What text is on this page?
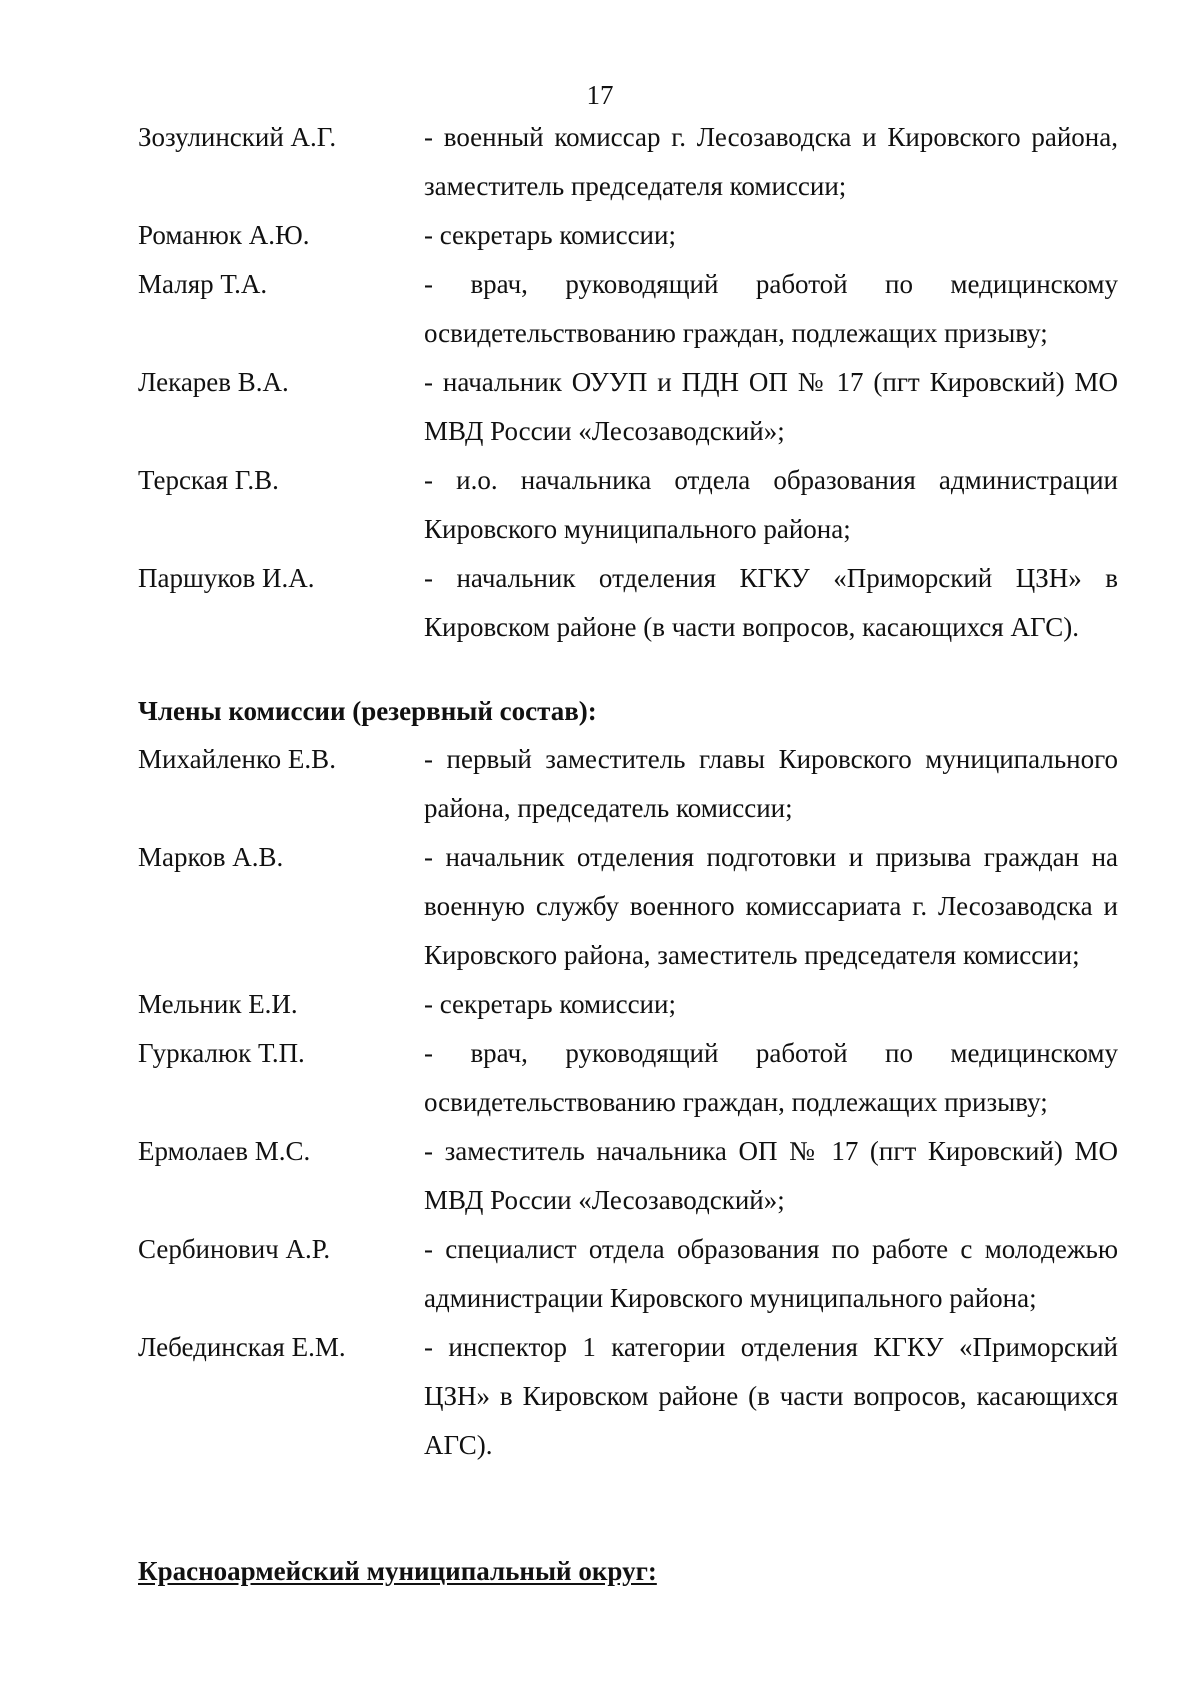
17
Зозулинский А.Г.	- военный комиссар г. Лесозаводска и Кировского района, заместитель председателя комиссии;
Романюк А.Ю.	- секретарь комиссии;
Маляр Т.А.	- врач, руководящий работой по медицинскому освидетельствованию граждан, подлежащих призыву;
Лекарев В.А.	- начальник ОУУП и ПДН ОП № 17 (пгт Кировский) МО МВД России «Лесозаводский»;
Терская Г.В.	- и.о. начальника отдела образования администрации Кировского муниципального района;
Паршуков И.А.	- начальник отделения КГКУ «Приморский ЦЗН» в Кировском районе (в части вопросов, касающихся АГС).
Члены комиссии (резервный состав):
Михайленко Е.В.	- первый заместитель главы Кировского муниципального района, председатель комиссии;
Марков А.В.	- начальник отделения подготовки и призыва граждан на военную службу военного комиссариата г. Лесозаводска и Кировского района, заместитель председателя комиссии;
Мельник Е.И.	- секретарь комиссии;
Гуркалюк Т.П.	- врач, руководящий работой по медицинскому освидетельствованию граждан, подлежащих призыву;
Ермолаев М.С.	- заместитель начальника ОП № 17 (пгт Кировский) МО МВД России «Лесозаводский»;
Сербинович А.Р.	- специалист отдела образования по работе с молодежью администрации Кировского муниципального района;
Лебединская Е.М.	- инспектор 1 категории отделения КГКУ «Приморский ЦЗН» в Кировском районе (в части вопросов, касающихся АГС).
Красноармейский муниципальный округ:
